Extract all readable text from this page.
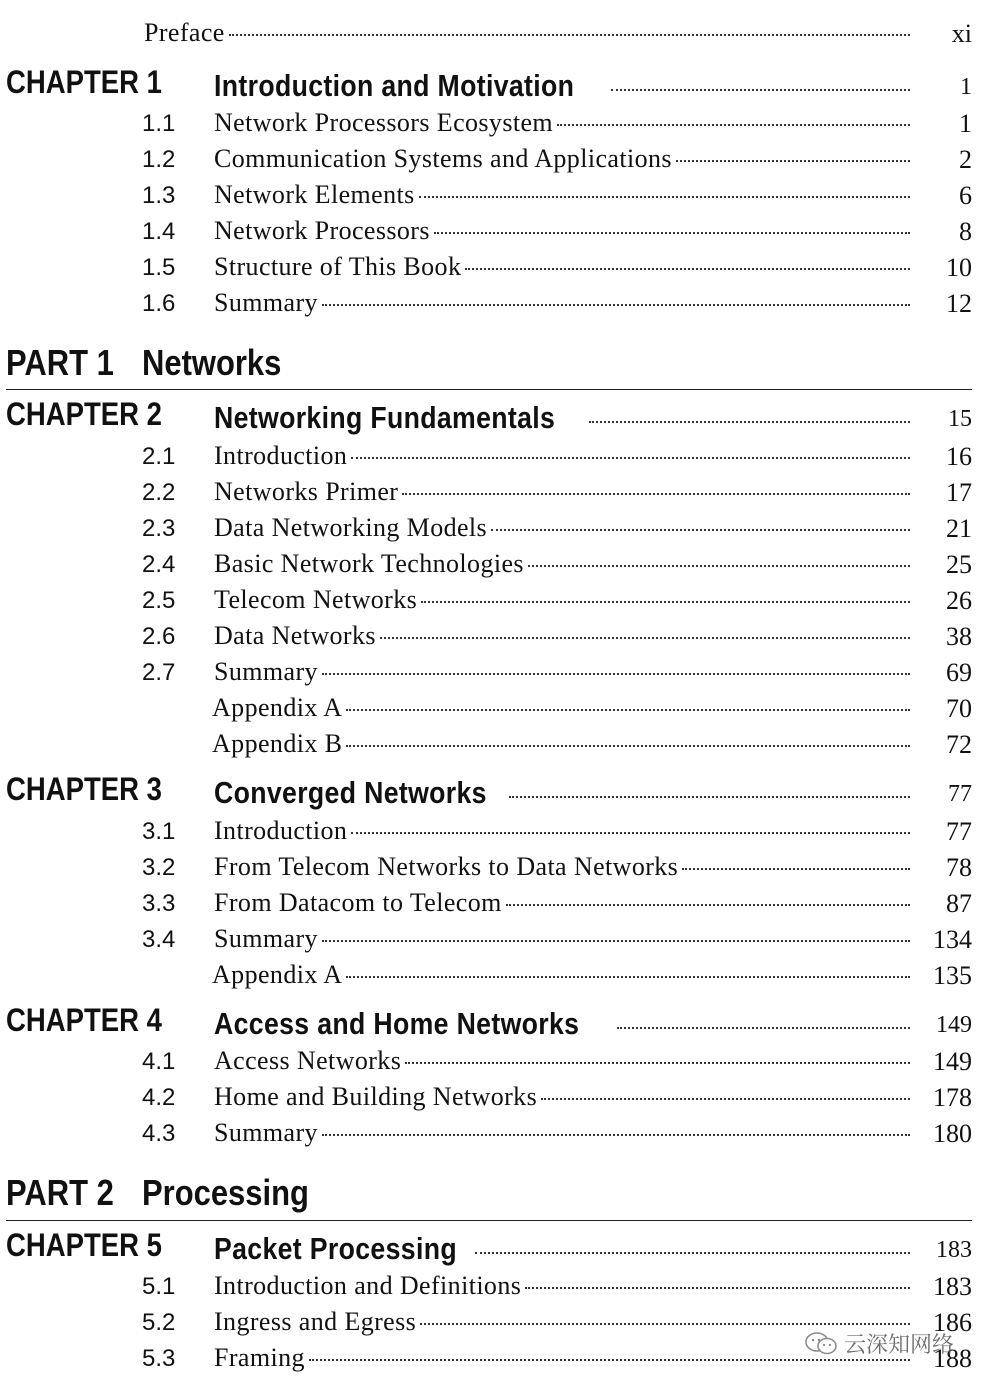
Preface	xi
CHAPTER 1 Introduction and Motivation	1
1.1 Network Processors Ecosystem	1
1.2 Communication Systems and Applications	2
1.3 Network Elements	6
1.4 Network Processors	8
1.5 Structure of This Book	10
1.6 Summary	12
PART 1 Networks
CHAPTER 2 Networking Fundamentals	15
2.1 Introduction	16
2.2 Networks Primer	17
2.3 Data Networking Models	21
2.4 Basic Network Technologies	25
2.5 Telecom Networks	26
2.6 Data Networks	38
2.7 Summary	69
Appendix A	70
Appendix B	72
CHAPTER 3 Converged Networks	77
3.1 Introduction	77
3.2 From Telecom Networks to Data Networks	78
3.3 From Datacom to Telecom	87
3.4 Summary	134
Appendix A	135
CHAPTER 4 Access and Home Networks	149
4.1 Access Networks	149
4.2 Home and Building Networks	178
4.3 Summary	180
PART 2 Processing
CHAPTER 5 Packet Processing	183
5.1 Introduction and Definitions	183
5.2 Ingress and Egress	186
5.3 Framing	188
云深知网络
